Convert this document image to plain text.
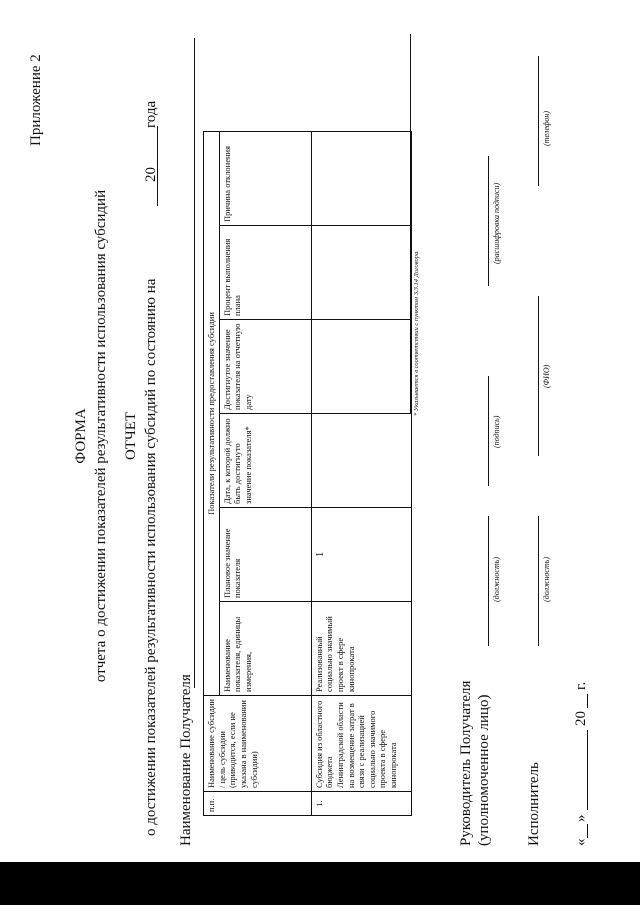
Приложение 2
ФОРМА отчета о достижении показателей результативности использования субсидий ОТЧЕТ о достижении показателей результативности использования субсидий по состоянию на
20
года
Наименование Получателя п.п.	Наименование субсидии / цель субсидии (приводится, если не указана в наименовании субсидии)	Показатели результативности предоставления субсидии					
		Наименование показателя, единицы измерения,	Плановое значение показателя	Дата, к которой должно быть достигнуто значение показателя*	Достигнутое значение показателя на отчетную дату	Процент выполнения плана	Причина отклонения
1.	Субсидия из областного бюджета Ленинградской области на возмещение затрат в связи с реализацией социально значимого проекта в сфере кинопроката	Реализованный социально значимый проект в сфере кинопроката	1				
* Указывается в соответствии с пунктом 3.3.14 Договора.
Руководитель Получателя (уполномоченное лицо)
(должность)
(подпись)
(расшифровка подписи)
Исполнитель
(должность)
(ФИО)
(телефон)
«
»
20
г.
